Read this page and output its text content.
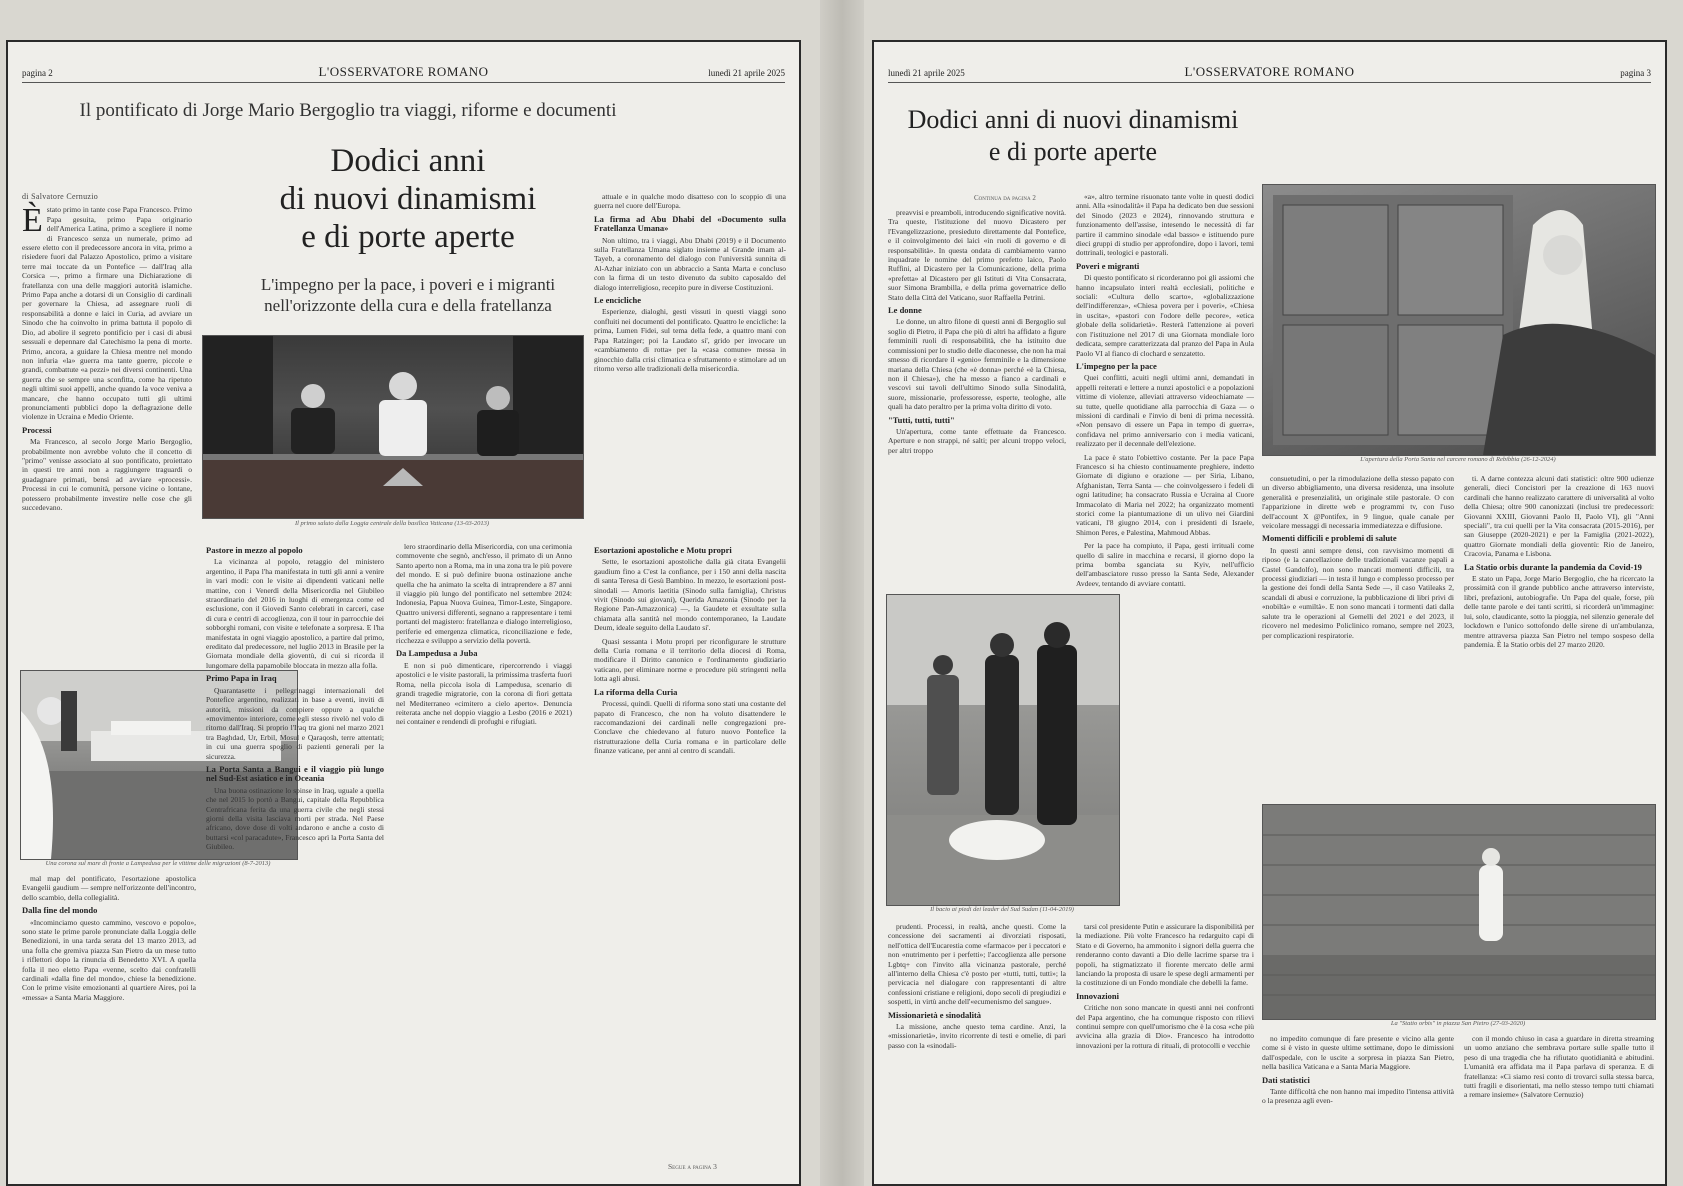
pagina 2	L'OSSERVATORE ROMANO	lunedì 21 aprile 2025
Il pontificato di Jorge Mario Bergoglio tra viaggi, riforme e documenti
Dodici anni
di nuovi dinamismi
e di porte aperte
L'impegno per la pace, i poveri e i migranti
nell'orizzonte della cura e della fratellanza
di Salvatore Cernuzio

Èstato primo in tante cose Papa Francesco. Primo Papa gesuita, primo Papa originario dell'America Latina, primo a scegliere il nome di Francesco senza un numerale, primo ad essere eletto con il predecessore ancora in vita, primo a risiedere fuori dal Palazzo Apostolico, primo a visitare terre mai toccate da un Pontefice — dall'Iraq alla Corsica —, primo a firmare una Dichiarazione di fratellanza con una delle maggiori autorità islamiche. Primo Papa anche a dotarsi di un Consiglio di cardinali per governare la Chiesa, ad assegnare ruoli di responsabilità a donne e laici in Curia, ad avviare un Sinodo che ha coinvolto in prima battuta il popolo di Dio, ad abolire il segreto pontificio per i casi di abusi sessuali e depennare dal Catechismo la pena di morte. Primo, ancora, a guidare la Chiesa mentre nel mondo non infuria «la» guerra ma tante guerre, piccole e grandi, combattute «a pezzi» nei diversi continenti. Una guerra che se sempre una sconfitta, come ha ripetuto negli ultimi suoi appelli, anche quando la voce veniva a mancare, che hanno occupato tutti gli ultimi pronunciamenti pubblici dopo la deflagrazione delle violenze in Ucraina e Medio Oriente.

Processi

Ma Francesco, al secolo Jorge Mario Bergoglio, probabilmente non avrebbe voluto che il concetto di "primo" venisse associato al suo pontificato, proiettato in questi tre anni non a raggiungere traguardi o guadagnare primati, bensì ad avviare «processi». Processi in cui le comunità, persone vicine o lontane, potessero probabilmente investire nelle cose che gli succedevano.

Il primo saluto dalla Loggia centrale della basilica Vaticana (13-03-2013)
Una corona sul mare di fronte a Lampedusa per le vittime delle migrazioni (8-7-2013)

mal map del pontificato, l'esortazione apostolica Evangelii gaudium — sempre nell'orizzonte dell'incontro, dello scambio, della collegialità.

Dalla fine del mondo

«Incominciamo questo cammino, vescovo e popolo», sono state le prime parole pronunciate dalla Loggia delle Benedizioni, in una tarda serata del 13 marzo 2013, ad una folla che gremiva piazza San Pietro da un mese tutto i riflettori dopo la rinuncia di Benedetto XVI. A quella folla il neo eletto Papa «venne, scelto dai confratelli cardinali «dalla fine del mondo», chiese la benedizione. Con le prime visite emozionanti al quartiere Aires, poi la «messa» a Santa Maria Maggiore.

Pastore in mezzo al popolo

La vicinanza al popolo, retaggio del ministero argentino, il Papa l'ha manifestata in tutti gli anni a venire in vari modi: con le visite ai dipendenti vaticani nelle mattine, con i Venerdì della Misericordia nel Giubileo straordinario del 2016 in luoghi di emergenza come ed esclusione, con il Giovedì Santo celebrati in carceri, case di cura e centri di accoglienza, con il tour in parrocchie dei sobborghi romani, con visite e telefonate a sorpresa. E l'ha manifestata in ogni viaggio apostolico, a partire dal primo, ereditato dal predecessore, nel luglio 2013 in Brasile per la Giornata mondiale della gioventù, di cui si ricorda il lungomare della papamobile bloccata in mezzo alla folla.

Primo Papa in Iraq

Quarantasette i pellegrinaggi internazionali del Pontefice argentino, realizzati in base a eventi, inviti di autorità, missioni da compiere oppure a qualche «movimento» interiore, come egli stesso rivelò nel volo di ritorno dall'Iraq. Si proprio l'Iraq tra gioni nel marzo 2021 tra Baghdad, Ur, Erbil, Mosul e Qaraqosh, terre attentati; in cui una guerra spoglio di pazienti generali per la sicurezza.

La Porta Santa a Bangui e il viaggio più lungo nel Sud-Est asiatico e in Oceania

Una buona ostinazione lo spinse in Iraq, uguale a quella che nel 2015 lo portò a Bangui, capitale della Repubblica Centrafricana ferita da una guerra civile che negli stessi giorni della visita lasciava morti per strada. Nel Paese africano, dove dose di volti andarono e anche a costo di buttarsi «col paracadute», Francesco aprì la Porta Santa del Giubileo.

lero straordinario della Misericordia, con una cerimonia commovente che segnò, anch'esso, il primato di un Anno Santo aperto non a Roma, ma in una zona tra le più povere del mondo. E si può definire buona ostinazione anche quella che ha animato la scelta di intraprendere a 87 anni il viaggio più lungo del pontificato nel settembre 2024: Indonesia, Papua Nuova Guinea, Timor-Leste, Singapore. Quattro universi differenti, segnano a rappresentare i temi portanti del magistero: fratellanza e dialogo interreligioso, periferie ed emergenza climatica, riconciliazione e fede, ricchezza e sviluppo a servizio della povertà.

Da Lampedusa a Juba

E non si può dimenticare, ripercorrendo i viaggi apostolici e le visite pastorali, la primissima trasferta fuori Roma, nella piccola isola di Lampedusa, scenario di grandi tragedie migratorie, con la corona di fiori gettata nel Mediterraneo «cimitero a cielo aperto». Denuncia reiterata anche nel doppio viaggio a Lesbo (2016 e 2021) nei container e rendendi di profughi e rifugiati.

attuale e in qualche modo disatteso con lo scoppio di una guerra nel cuore dell'Europa.

La firma ad Abu Dhabi del «Documento sulla Fratellanza Umana»

Non ultimo, tra i viaggi, Abu Dhabi (2019) e il Documento sulla Fratellanza Umana siglato insieme al Grande imam al-Tayeb, a coronamento del dialogo con l'università sunnita di Al-Azhar iniziato con un abbraccio a Santa Marta e concluso con la firma di un testo divenuto da subito caposaldo del dialogo interreligioso, recepito pure in diverse Costituzioni.

Le encicliche

Esperienze, dialoghi, gesti vissuti in questi viaggi sono confluiti nei documenti del pontificato. Quattro le encicliche: la prima, Lumen Fidei, sul tema della fede, a quattro mani con Papa Ratzinger; poi la Laudato si', grido per invocare un «cambiamento di rotta» per la «casa comune» messa in ginocchio dalla crisi climatica e sfruttamento e stimolare ad un ritorno verso alle tradizionali della misericordia.

Esortazioni apostoliche e Motu propri

Sette, le esortazioni apostoliche dalla già citata Evangelii gaudium fino a C'est la confiance, per i 150 anni della nascita di santa Teresa di Gesù Bambino. In mezzo, le esortazioni post-sinodali — Amoris laetitia (Sinodo sulla famiglia), Christus vivit (Sinodo sui giovani), Querida Amazonia (Sinodo per la Regione Pan-Amazzonica) —, la Gaudete et exsultate sulla chiamata alla santità nel mondo contemporaneo, la Laudate Deum, ideale seguito della Laudato si'.

Quasi sessanta i Motu propri per riconfigurare le strutture della Curia romana e il territorio della diocesi di Roma, modificare il Diritto canonico e l'ordinamento giudiziario vaticano, per eliminare norme e procedure più stringenti nella lotta agli abusi.

La riforma della Curia

Processi, quindi. Quelli di riforma sono stati una costante del papato di Francesco, che non ha voluto disattendere le raccomandazioni dei cardinali nelle congregazioni pre-Conclave che chiedevano al futuro nuovo Pontefice la ristrutturazione della Curia romana e in particolare delle finanze vaticane, per anni al centro di scandali.

Segue a pagina 3
lunedì 21 aprile 2025	L'OSSERVATORE ROMANO	pagina 3
Dodici anni di nuovi dinamismi
e di porte aperte
Continua da pagina 2

preavvisi e preamboli, introducendo significative novità. Tra queste, l'istituzione del nuovo Dicastero per l'Evangelizzazione, presieduto direttamente dal Pontefice, e il coinvolgimento dei laici «in ruoli di governo e di responsabilità». In questa ondata di cambiamento vanno inquadrate le nomine del primo prefetto laico, Paolo Ruffini, al Dicastero per la Comunicazione, della prima «prefetta» al Dicastero per gli Istituti di Vita Consacrata, suor Simona Brambilla, e della prima governatrice dello Stato della Città del Vaticano, suor Raffaella Petrini.

Le donne

Le donne, un altro filone di questi anni di Bergoglio sul soglio di Pietro, il Papa che più di altri ha affidato a figure femminili ruoli di responsabilità, che ha istituito due commissioni per lo studio delle diaconesse, che non ha mai smesso di ricordare il «genio» femminile e la dimensione mariana della Chiesa (che «è donna» perché «è la Chiesa, non il Chiesa»), che ha messo a fianco a cardinali e vescovi sui tavoli dell'ultimo Sinodo sulla Sinodalità, suore, missionarie, professoresse, esperte, teologhe, alle quali ha dato peraltro per la prima volta diritto di voto.

"Tutti, tutti, tutti"

Un'apertura, come tante effettuate da Francesco. Aperture e non strappi, né salti; per alcuni troppo veloci, per altri troppo

«a», altro termine risuonato tante volte in questi dodici anni. Alla «sinodalità» il Papa ha dedicato ben due sessioni del Sinodo (2023 e 2024), rinnovando struttura e funzionamento dell'assise, intesendo le necessità di far partire il cammino sinodale «dal basso» e istituendo pure dieci gruppi di studio per approfondire, dopo i lavori, temi dottrinali, teologici e pastorali.

Poveri e migranti

Di questo pontificato si ricorderanno poi gli assiomi che hanno incapsulato interi realtà ecclesiali, politiche e sociali: «Cultura dello scarto», «globalizzazione dell'indifferenza», «Chiesa povera per i poveri», «Chiesa in uscita», «pastori con l'odore delle pecore», «etica globale della solidarietà». Resterà l'attenzione ai poveri con l'istituzione nel 2017 di una Giornata mondiale loro dedicata, sempre caratterizzata dal pranzo del Papa in Aula Paolo VI al fianco di clochard e senzatetto.

L'impegno per la pace

Quei conflitti, acuiti negli ultimi anni, demandati in appelli reiterati e lettere a nunzi apostolici e a popolazioni vittime di violenze, alleviati attraverso videochiamate — su tutte, quelle quotidiane alla parrocchia di Gaza — o missioni di cardinali e l'invio di beni di prima necessità. «Non pensavo di essere un Papa in tempo di guerra», confidava nel primo anniversario con i media vaticani, realizzato per il decennale dell'elezione.

La pace è stato l'obiettivo costante. Per la pace Papa Francesco si ha chiesto continuamente preghiere, indetto Giornate di digiuno e orazione — per Siria, Libano, Afghanistan, Terra Santa — che coinvolgessero i fedeli di ogni latitudine; ha consacrato Russia e Ucraina al Cuore Immacolato di Maria nel 2022; ha organizzato momenti storici come la piantumazione di un ulivo nei Giardini vaticani, l'8 giugno 2014, con i presidenti di Israele, Shimon Peres, e Palestina, Mahmoud Abbas.

Per la pace ha compiuto, il Papa, gesti irrituali come quello di salire in macchina e recarsi, il giorno dopo la prima bomba sganciata su Kyiv, nell'ufficio dell'ambasciatore russo presso la Santa Sede, Alexander Avdeev, tentando di avviare contatti.

L'apertura della Porta Santa nel carcere romano di Rebibbia (26-12-2024)
Il bacio ai piedi dei leader del Sud Sudan (11-04-2019)

consuetudini, o per la rimodulazione della stesso papato con un diverso abbigliamento, una diversa residenza, una insolute generalità e presenzialità, un originale stile pastorale. O con l'apparizione in dirette web e programmi tv, con l'uso dell'account X @Pontifex, in 9 lingue, quale canale per veicolare messaggi di necessaria immediatezza e diffusione.

Momenti difficili e problemi di salute

In questi anni sempre densi, con ravvisimo momenti di riposo (e la cancellazione delle tradizionali vacanze papali a Castel Gandolfo), non sono mancati momenti difficili, tra processi giudiziari — in testa il lungo e complesso processo per la gestione dei fondi della Santa Sede —, il caso Vatileaks 2, scandali di abusi e corruzione, la pubblicazione di libri privi di «nobiltà» e «umiltà». E non sono mancati i tormenti dati dalla salute tra le operazioni al Gemelli del 2021 e del 2023, il ricovero nel medesimo Policlinico romano, sempre nel 2023, per complicazioni respiratorie.

ti. A darne contezza alcuni dati statistici: oltre 900 udienze generali, dieci Concistori per la creazione di 163 nuovi cardinali che hanno realizzato carattere di universalità al volto della Chiesa; oltre 900 canonizzati (inclusi tre predecessori: Giovanni XXIII, Giovanni Paolo II, Paolo VI), gli "Anni speciali", tra cui quelli per la Vita consacrata (2015-2016), per san Giuseppe (2020-2021) e per la Famiglia (2021-2022), quattro Giornate mondiali della gioventù: Rio de Janeiro, Cracovia, Panama e Lisbona.

La Statio orbis durante la pandemia da Covid-19

E stato un Papa, Jorge Mario Bergoglio, che ha ricercato la prossimità con il grande pubblico anche attraverso interviste, libri, prefazioni, autobiografie. Un Papa del quale, forse, più delle tante parole e dei tanti scritti, si ricorderà un'immagine: lui, solo, claudicante, sotto la pioggia, nel silenzio generale del lockdown e l'unico sottofondo delle sirene di un'ambulanza, mentre attraversa piazza San Pietro nel tempo sospeso della pandemia. È la Statio orbis del 27 marzo 2020.

La "Statio orbis" in piazza San Pietro (27-03-2020)

prudenti. Processi, in realtà, anche questi. Come la concessione dei sacramenti ai divorziati risposati, nell'ottica dell'Eucarestia come «farmaco» per i peccatori e non «nutrimento per i perfetti»; l'accoglienza alle persone Lgbtq+ con l'invito alla vicinanza pastorale, perché all'interno della Chiesa c'è posto per «tutti, tutti, tutti»; la pervicacia nel dialogare con rappresentanti di altre confessioni cristiane e religioni, dopo secoli di pregiudizi e sospetti, in virtù anche dell'«ecumenismo del sangue».

Missionarietà e sinodalità

La missione, anche questo tema cardine. Anzi, la «missionarietà», invito ricorrente di testi e omelie, di pari passo con la «sinodali-

tarsi col presidente Putin e assicurare la disponibilità per la mediazione. Più volte Francesco ha redarguito capi di Stato e di Governo, ha ammonito i signori della guerra che renderanno conto davanti a Dio delle lacrime sparse tra i popoli, ha stigmatizzato il fiorente mercato delle armi lanciando la proposta di usare le spese degli armamenti per la costituzione di un Fondo mondiale che debelli la fame.

Innovazioni

Critiche non sono mancate in questi anni nei confronti del Papa argentino, che ha comunque risposto con rilievi continui sempre con quell'umorismo che è la cosa «che più avvicina alla grazia di Dio». Francesco ha introdotto innovazioni per la rottura di rituali, di protocolli e vecchie

no impedito comunque di fare presente e vicino alla gente come si è visto in queste ultime settimane, dopo le dimissioni dall'ospedale, con le uscite a sorpresa in piazza San Pietro, nella basilica Vaticana e a Santa Maria Maggiore.

Dati statistici

Tante difficoltà che non hanno mai impedito l'intensa attività o la presenza agli even-

con il mondo chiuso in casa a guardare in diretta streaming un uomo anziano che sembrava portare sulle spalle tutto il peso di una tragedia che ha rifiutato quotidianità e abitudini. L'umanità era affidata ma il Papa parlava di speranza. E di fratellanza: «Ci siamo resi conto di trovarci sulla stessa barca, tutti fragili e disorientati, ma nello stesso tempo tutti chiamati a remare insieme» (Salvatore Cernuzio)
